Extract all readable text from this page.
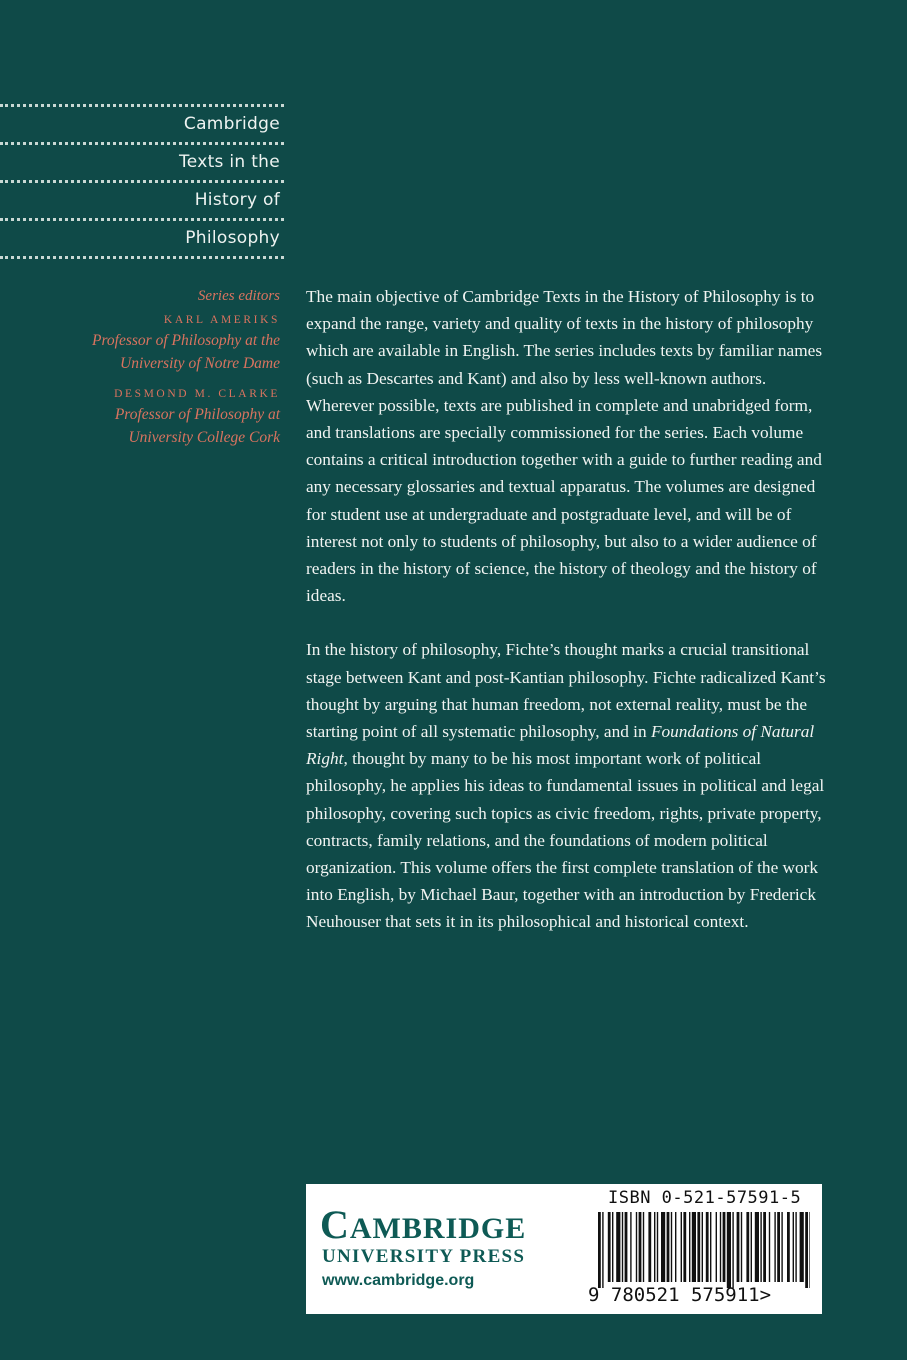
Cambridge
Texts in the
History of
Philosophy
Series editors
KARL AMERIKS
Professor of Philosophy at the
University of Notre Dame
DESMOND M. CLARKE
Professor of Philosophy at
University College Cork

The main objective of Cambridge Texts in the History of Philosophy is to expand the range, variety and quality of texts in the history of philosophy which are available in English. The series includes texts by familiar names (such as Descartes and Kant) and also by less well-known authors. Wherever possible, texts are published in complete and unabridged form, and translations are specially commissioned for the series. Each volume contains a critical introduction together with a guide to further reading and any necessary glossaries and textual apparatus. The volumes are designed for student use at undergraduate and postgraduate level, and will be of interest not only to students of philosophy, but also to a wider audience of readers in the history of science, the history of theology and the history of ideas.

In the history of philosophy, Fichte’s thought marks a crucial transitional stage between Kant and post-Kantian philosophy. Fichte radicalized Kant’s thought by arguing that human freedom, not external reality, must be the starting point of all systematic philosophy, and in Foundations of Natural Right, thought by many to be his most important work of political philosophy, he applies his ideas to fundamental issues in political and legal philosophy, covering such topics as civic freedom, rights, private property, contracts, family relations, and the foundations of modern political organization. This volume offers the first complete translation of the work into English, by Michael Baur, together with an introduction by Frederick Neuhouser that sets it in its philosophical and historical context.

CAMBRIDGE
UNIVERSITY PRESS
www.cambridge.org
ISBN 0-521-57591-5
9 780521 575911>
